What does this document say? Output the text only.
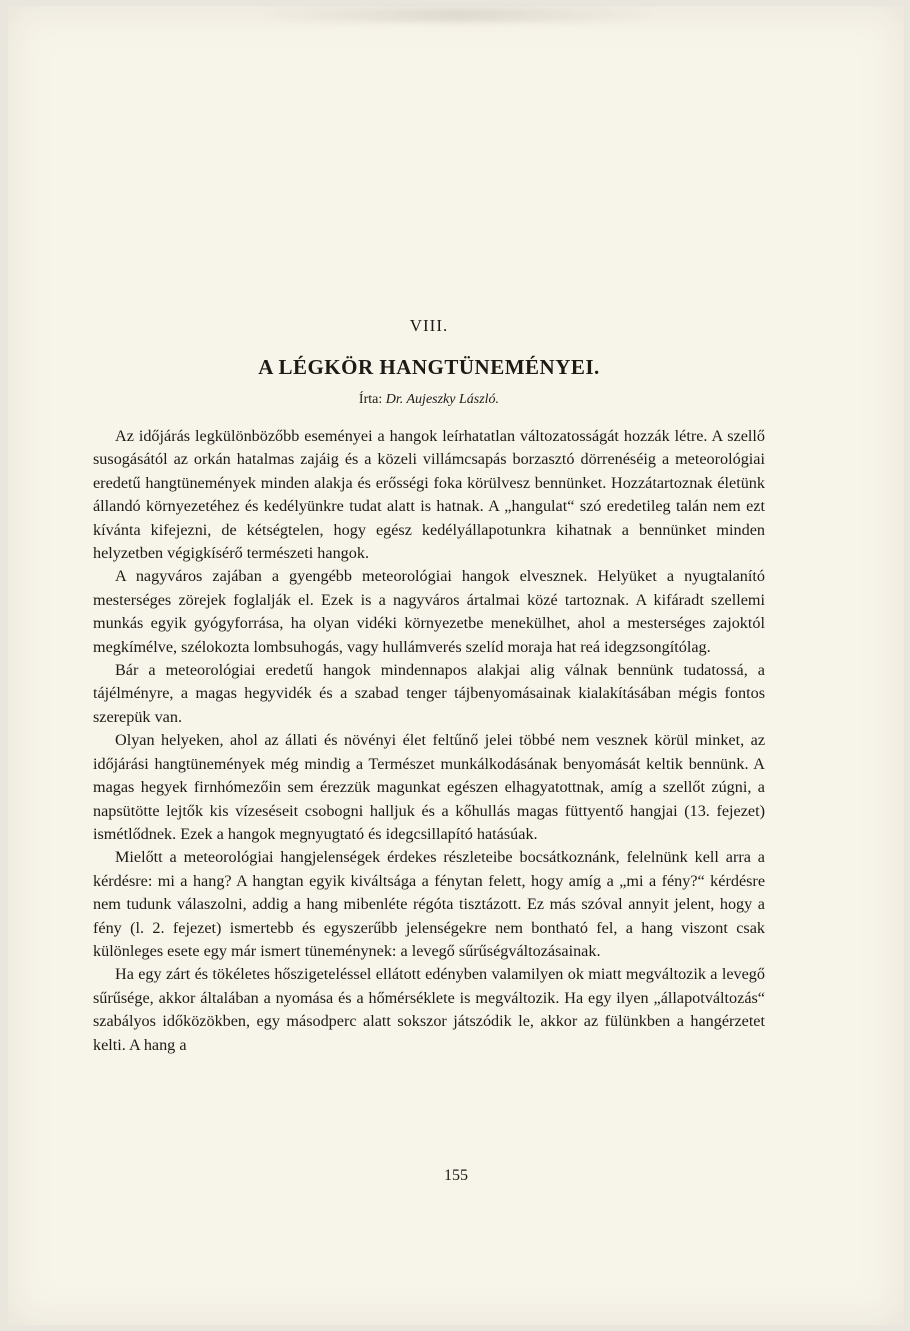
VIII.
A LÉGKÖR HANGTÜNEMÉNYEI.
Írta: Dr. Aujeszky László.

Az időjárás legkülönbözőbb eseményei a hangok leírhatatlan változatosságát hozzák létre. A szellő susogásától az orkán hatalmas zajáig és a közeli villámcsapás borzasztó dörrenéséig a meteorológiai eredetű hangtünemények minden alakja és erősségi foka körülvesz bennünket. Hozzátartoznak életünk állandó környezetéhez és kedélyünkre tudat alatt is hatnak. A „hangulat“ szó eredetileg talán nem ezt kívánta kifejezni, de kétségtelen, hogy egész kedélyállapotunkra kihatnak a bennünket minden helyzetben végigkísérő természeti hangok.

A nagyváros zajában a gyengébb meteorológiai hangok elvesznek. Helyüket a nyugtalanító mesterséges zörejek foglalják el. Ezek is a nagyváros ártalmai közé tartoznak. A kifáradt szellemi munkás egyik gyógyforrása, ha olyan vidéki környezetbe menekülhet, ahol a mesterséges zajoktól megkímélve, szélokozta lombsuhogás, vagy hullámverés szelíd moraja hat reá idegzsongítólag.

Bár a meteorológiai eredetű hangok mindennapos alakjai alig válnak bennünk tudatossá, a tájélményre, a magas hegyvidék és a szabad tenger tájbenyomásainak kialakításában mégis fontos szerepük van.

Olyan helyeken, ahol az állati és növényi élet feltűnő jelei többé nem vesznek körül minket, az időjárási hangtünemények még mindig a Természet munkálkodásának benyomását keltik bennünk. A magas hegyek firnhómezőin sem érezzük magunkat egészen elhagyatottnak, amíg a szellőt zúgni, a napsütötte lejtők kis vízeséseit csobogni halljuk és a kőhullás magas füttyentő hangjai (13. fejezet) ismétlődnek. Ezek a hangok megnyugtató és idegcsillapító hatásúak.

Mielőtt a meteorológiai hangjelenségek érdekes részleteibe bocsátkoznánk, felelnünk kell arra a kérdésre: mi a hang? A hangtan egyik kiváltsága a fénytan felett, hogy amíg a „mi a fény?“ kérdésre nem tudunk válaszolni, addig a hang mibenléte régóta tisztázott. Ez más szóval annyit jelent, hogy a fény (l. 2. fejezet) ismertebb és egyszerűbb jelenségekre nem bontható fel, a hang viszont csak különleges esete egy már ismert tüneménynek: a levegő sűrűségváltozásainak.

Ha egy zárt és tökéletes hőszigeteléssel ellátott edényben valamilyen ok miatt megváltozik a levegő sűrűsége, akkor általában a nyomása és a hőmérséklete is megváltozik. Ha egy ilyen „állapotváltozás“ szabályos időközökben, egy másodperc alatt sokszor játszódik le, akkor az fülünkben a hangérzetet kelti. A hang a

155
